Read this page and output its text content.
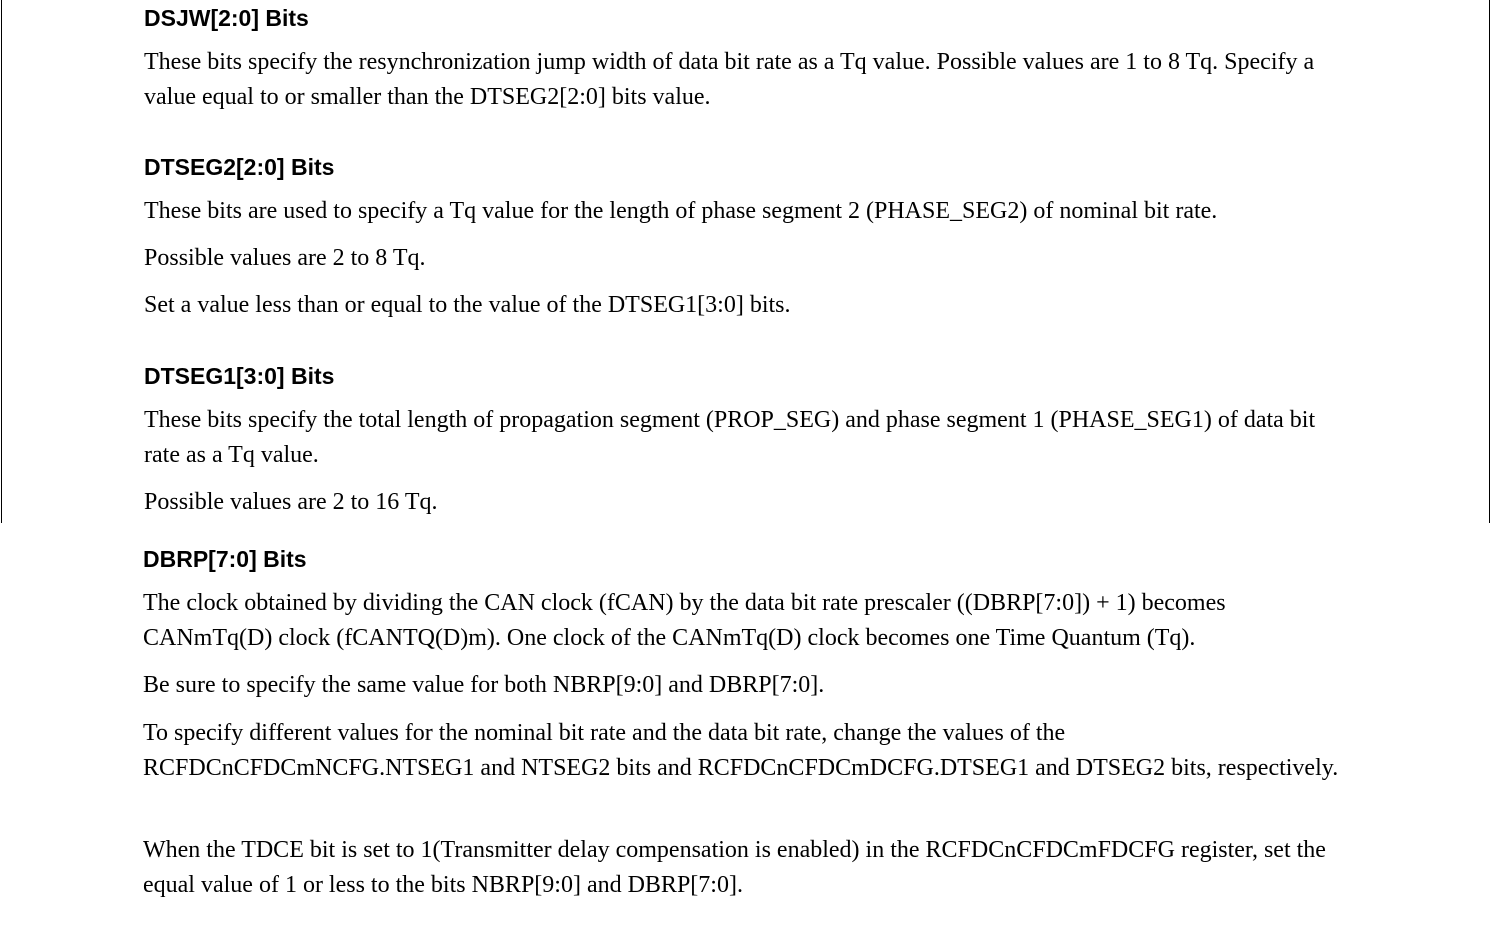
DSJW[2:0] Bits

These bits specify the resynchronization jump width of data bit rate as a Tq value. Possible values are 1 to 8 Tq. Specify a value equal to or smaller than the DTSEG2[2:0] bits value.

DTSEG2[2:0] Bits

These bits are used to specify a Tq value for the length of phase segment 2 (PHASE_SEG2) of nominal bit rate.

Possible values are 2 to 8 Tq.

Set a value less than or equal to the value of the DTSEG1[3:0] bits.

DTSEG1[3:0] Bits

These bits specify the total length of propagation segment (PROP_SEG) and phase segment 1 (PHASE_SEG1) of data bit rate as a Tq value.

Possible values are 2 to 16 Tq.

DBRP[7:0] Bits

The clock obtained by dividing the CAN clock (fCAN) by the data bit rate prescaler ((DBRP[7:0]) + 1) becomes CANmTq(D) clock (fCANTQ(D)m). One clock of the CANmTq(D) clock becomes one Time Quantum (Tq).

Be sure to specify the same value for both NBRP[9:0] and DBRP[7:0].

To specify different values for the nominal bit rate and the data bit rate, change the values of the RCFDCnCFDCmNCFG.NTSEG1 and NTSEG2 bits and RCFDCnCFDCmDCFG.DTSEG1 and DTSEG2 bits, respectively.

When the TDCE bit is set to 1(Transmitter delay compensation is enabled) in the RCFDCnCFDCmFDCFG register, set the equal value of 1 or less to the bits NBRP[9:0] and DBRP[7:0].
